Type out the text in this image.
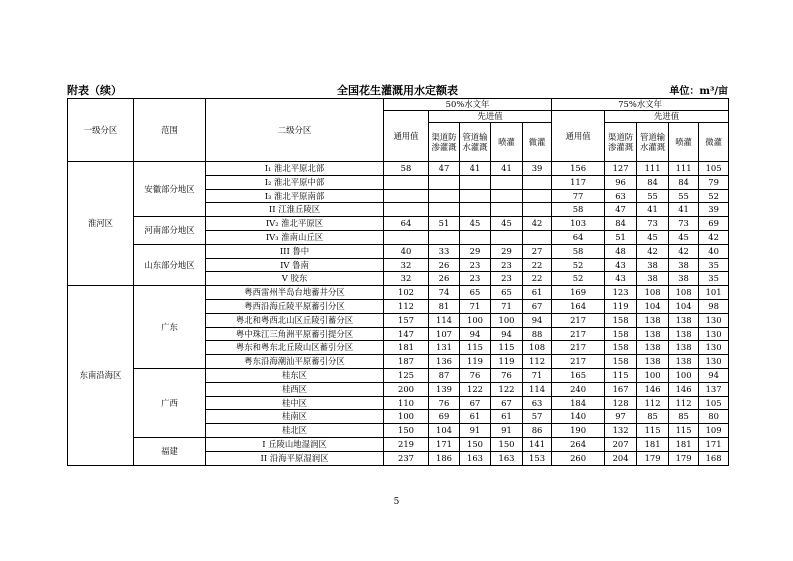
全国花生灌溉用水定额表
附表（续）	单位：m³/亩
一级分区	范围	二级分区	50%水文年					75%水文年				
			通用值	先进值				通用值	先进值			
				渠道防渗灌溉	管道输水灌溉	喷灌	微灌		渠道防渗灌溉	管道输水灌溉	喷灌	微灌
淮河区	安徽部分地区	I₁ 淮北平原北部	58	47	41	41	39	156	127	111	111	105
		I₂ 淮北平原中部						117	96	84	84	79
		I₃ 淮北平原南部						77	63	55	55	52
		II 江淮丘陵区						58	47	41	41	39
	河南部分地区	IV₂ 淮北平原区	64	51	45	45	42	103	84	73	73	69
		IV₃ 淮南山丘区						64	51	45	45	42
	山东部分地区	III 鲁中	40	33	29	29	27	58	48	42	42	40
		IV 鲁南	32	26	23	23	22	52	43	38	38	35
		V 胶东	32	26	23	23	22	52	43	38	38	35
东南沿海区	广东	粤西雷州半岛台地蓄井分区	102	74	65	65	61	169	123	108	108	101
		粤西沿海丘陵平原蓄引分区	112	81	71	71	67	164	119	104	104	98
		粤北和粤西北山区丘陵引蓄分区	157	114	100	100	94	217	158	138	138	130
		粤中珠江三角洲平原蓄引提分区	147	107	94	94	88	217	158	138	138	130
		粤东和粤东北丘陵山区蓄引分区	181	131	115	115	108	217	158	138	138	130
		粤东沿海潮汕平原蓄引分区	187	136	119	119	112	217	158	138	138	130
	广西	桂东区	125	87	76	76	71	165	115	100	100	94
		桂西区	200	139	122	122	114	240	167	146	146	137
		桂中区	110	76	67	67	63	184	128	112	112	105
		桂南区	100	69	61	61	57	140	97	85	85	80
		桂北区	150	104	91	91	86	190	132	115	115	109
	福建	I 丘陵山地湿润区	219	171	150	150	141	264	207	181	181	171
		II 沿海平原湿润区	237	186	163	163	153	260	204	179	179	168
5
